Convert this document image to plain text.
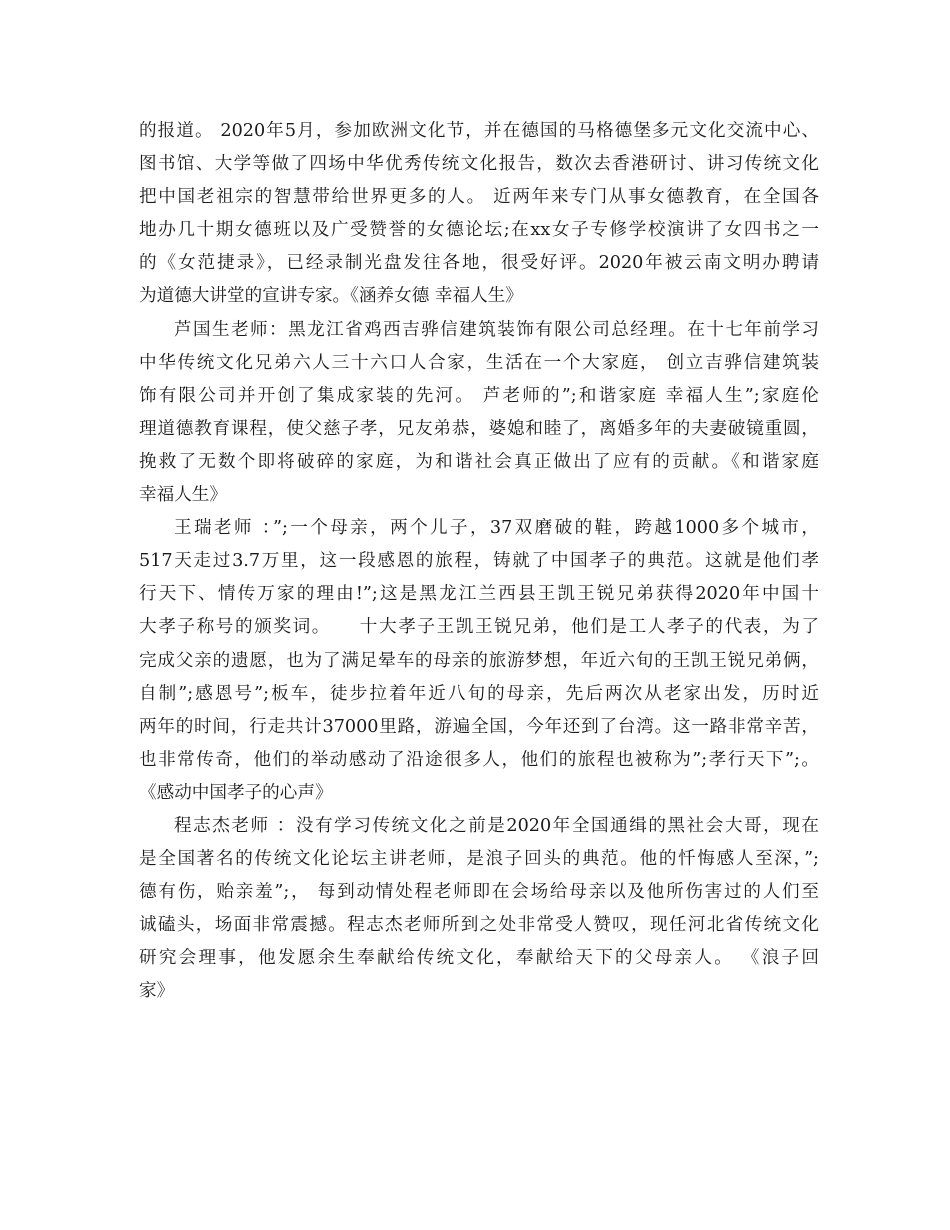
的报道。 2020年5月，参加欧洲文化节，并在德国的马格德堡多元文化交流中心、
图书馆、大学等做了四场中华优秀传统文化报告，数次去香港研讨、讲习传统文化
把中国老祖宗的智慧带给世界更多的人。 近两年来专门从事女德教育，在全国各
地办几十期女德班以及广受赞誉的女德论坛;在xx女子专修学校演讲了女四书之一
的《女范捷录》，已经录制光盘发往各地，很受好评。2020年被云南文明办聘请
为道德大讲堂的宣讲专家。《涵养女德 幸福人生》
芦国生老师：黑龙江省鸡西吉骅信建筑装饰有限公司总经理。在十七年前学习
中华传统文化兄弟六人三十六口人合家，生活在一个大家庭， 创立吉骅信建筑装
饰有限公司并开创了集成家装的先河。 芦老师的”;和谐家庭 幸福人生”;家庭伦
理道德教育课程，使父慈子孝，兄友弟恭，婆媳和睦了，离婚多年的夫妻破镜重圆，
挽救了无数个即将破碎的家庭，为和谐社会真正做出了应有的贡献。《和谐家庭
幸福人生》
王瑞老师 ：”;一个母亲，两个儿子，37双磨破的鞋，跨越1000多个城市，
517天走过3.7万里，这一段感恩的旅程，铸就了中国孝子的典范。这就是他们孝
行天下、情传万家的理由!”;这是黑龙江兰西县王凯王锐兄弟获得2020年中国十
大孝子称号的颁奖词。    十大孝子王凯王锐兄弟，他们是工人孝子的代表，为了
完成父亲的遗愿，也为了满足晕车的母亲的旅游梦想，年近六旬的王凯王锐兄弟俩，
自制”;感恩号”;板车，徒步拉着年近八旬的母亲，先后两次从老家出发，历时近
两年的时间，行走共计37000里路，游遍全国，今年还到了台湾。这一路非常辛苦，
也非常传奇，他们的举动感动了沿途很多人，他们的旅程也被称为”;孝行天下”;。
《感动中国孝子的心声》
程志杰老师 ：没有学习传统文化之前是2020年全国通缉的黑社会大哥，现在
是全国著名的传统文化论坛主讲老师，是浪子回头的典范。他的忏悔感人至深，”;
德有伤，贻亲羞”;， 每到动情处程老师即在会场给母亲以及他所伤害过的人们至
诚磕头，场面非常震撼。程志杰老师所到之处非常受人赞叹，现任河北省传统文化
研究会理事，他发愿余生奉献给传统文化，奉献给天下的父母亲人。 《浪子回
家》
